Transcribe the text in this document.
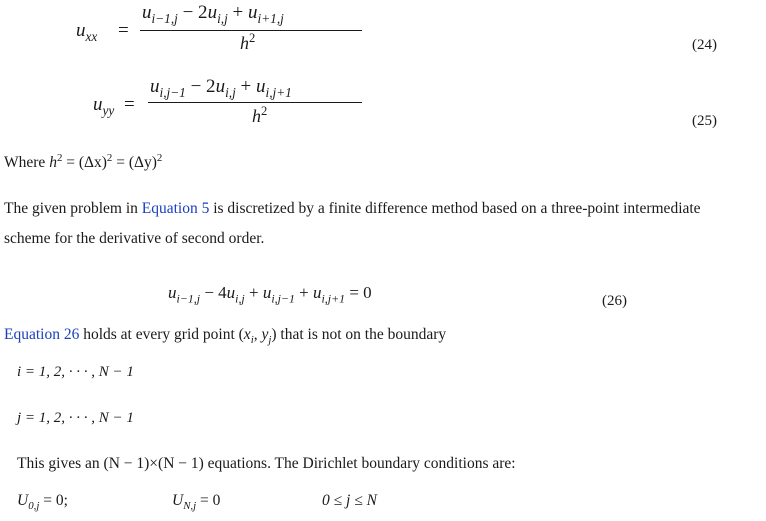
$u_{xx}$ =
$u_{i-1,j} - 2u_{i,j} + u_{i+1,j}$
$h^2$	(24)
$u_{yy}$ =
$u_{i,j-1} - 2u_{i,j} + u_{i,j+1}$
$h^2$
(25)
Where $h^2 = (\Delta x)^2 = (\Delta y)^2$
The given problem in Equation 5 is discretized by a finite difference method based on a three-point intermediate
scheme for the derivative of second order.
$u_{i-1,j} - 4u_{i,j} + u_{i,j-1} + u_{i,j+1} = 0$	(26)
Equation 26 holds at every grid point ($x_i$, $y_j$) that is not on the boundary
i = 1, 2, · · · , N − 1
j = 1, 2, · · · , N − 1
This gives an (N − 1)×(N − 1) equations. The Dirichlet boundary conditions are:
$U_{0,j} = 0$;	$U_{N,j} = 0$	0 ≤ j ≤ N
